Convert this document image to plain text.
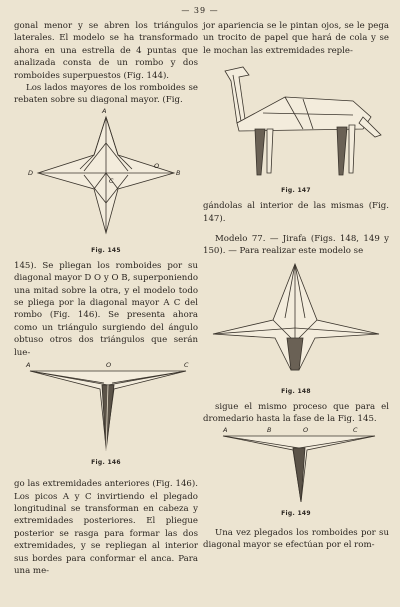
— 39 —

gonal menor y se abren los triángulos laterales. El modelo se ha transformado ahora en una estrella de 4 puntas que analizada consta de un rombo y dos romboides superpuestos (Fig. 144).

Los lados mayores de los romboides se rebaten sobre su diagonal mayor. (Fig.

A
B
C
D
O
Fig. 145

145). Se pliegan los romboides por su diagonal mayor D O y O B, superponiendo una mitad sobre la otra, y el modelo todo se pliega por la diagonal mayor A C del rombo (Fig. 146). Se presenta ahora como un triángulo surgiendo del ángulo obtuso otros dos triángulos que serán lue-

A	O	C
Fig. 146

go las extremidades anteriores (Fig. 146). Los picos A y C invirtiendo el plegado longitudinal se transforman en cabeza y extremidades posteriores. El pliegue posterior se rasga para formar las dos extremidades, y se repliegan al interior sus bordes para conformar el anca. Para una me-

jor apariencia se le pintan ojos, se le pega un trocito de papel que hará de cola y se le mochan las extremidades reple-

Fig. 147

gándolas al interior de las mismas (Fig. 147).

Modelo 77. — Jirafa (Figs. 148, 149 y 150). — Para realizar este modelo se

Fig. 148

sigue el mismo proceso que para el dromedario hasta la fase de la Fig. 145.

A	B	O	C
Fig. 149

Una vez plegados los romboides por su diagonal mayor se efectúan por el rom-
